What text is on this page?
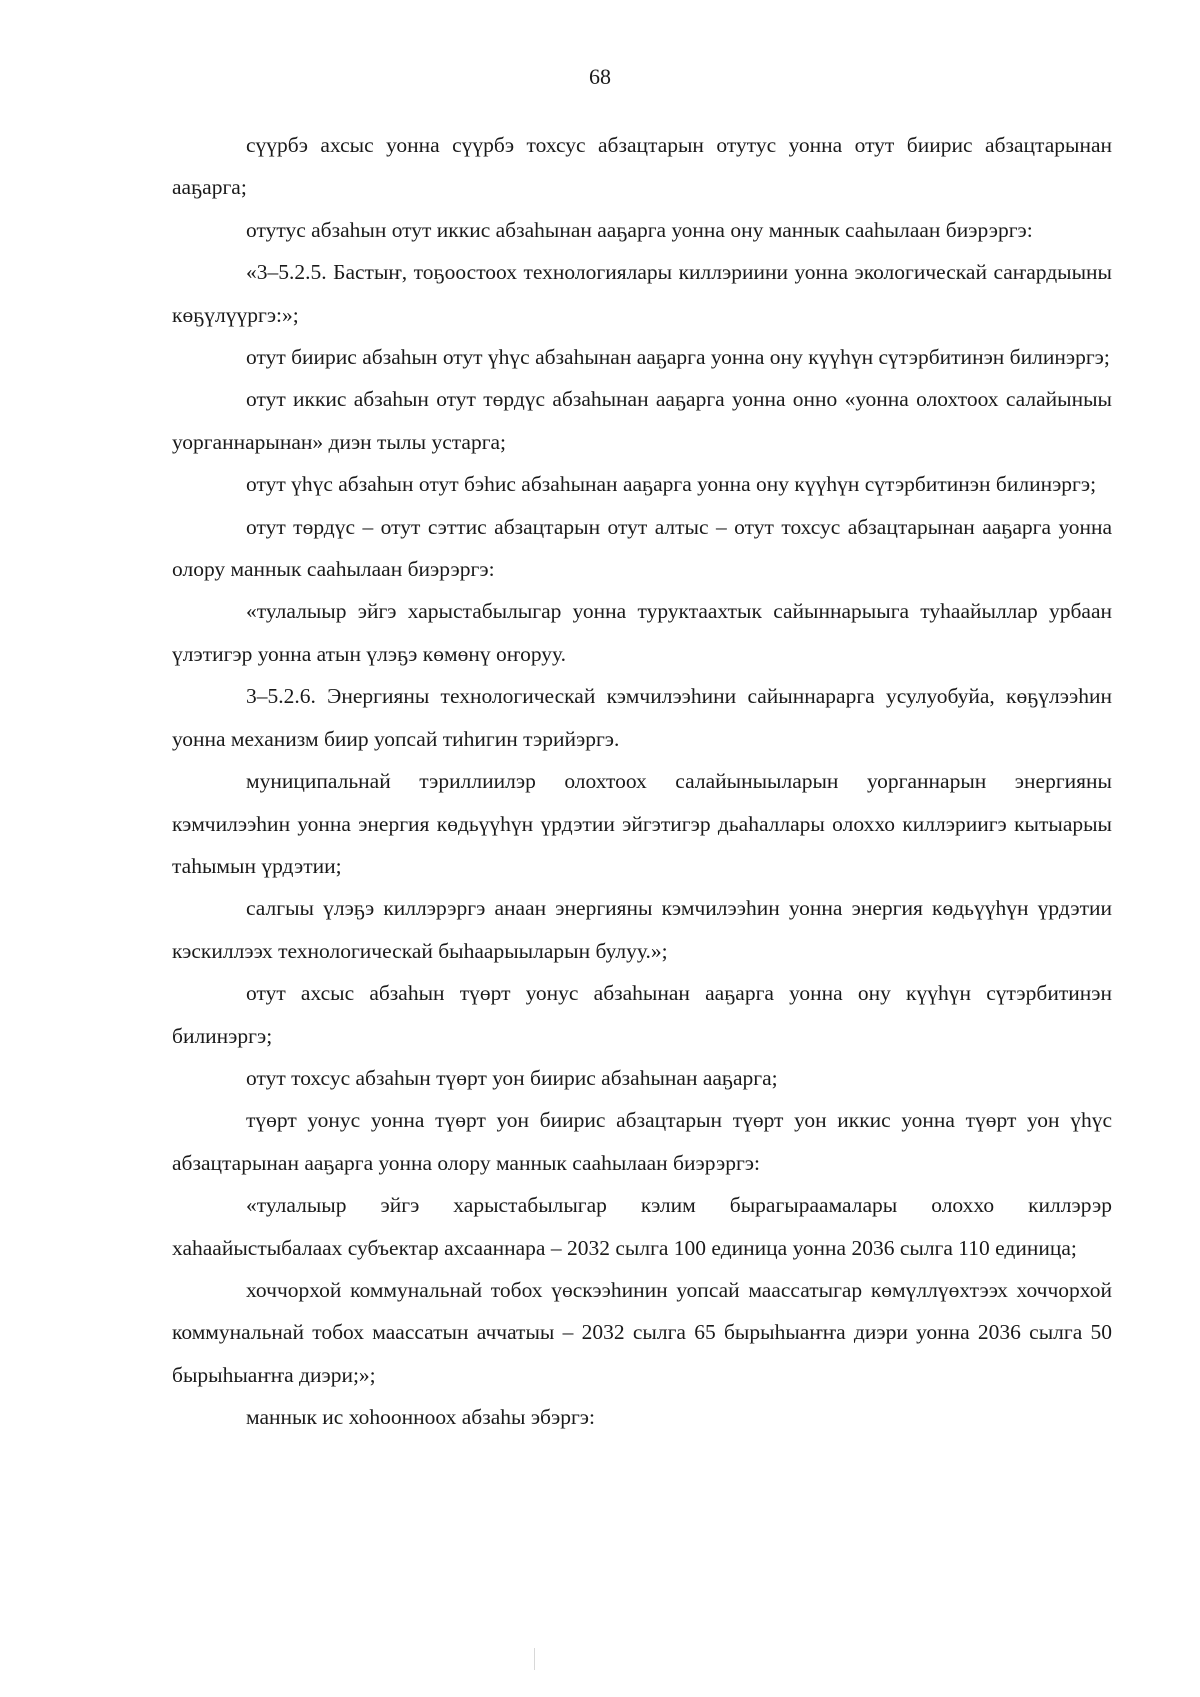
68

сүүрбэ ахсыс уонна сүүрбэ тохсус абзацтарын отутус уонна отут биирис абзацтарынан ааҕарга;

отутус абзаһын отут иккис абзаһынан ааҕарга уонна ону маннык сааһылаан биэрэргэ:

«3–5.2.5. Бастыҥ, тоҕоостоох технологиялары киллэриини уонна экологическай саҥардыыны көҕүлүүргэ:»;

отут биирис абзаһын отут үһүс абзаһынан ааҕарга уонна ону күүһүн сүтэрбитинэн билинэргэ;

отут иккис абзаһын отут төрдүс абзаһынан ааҕарга уонна онно «уонна олохтоох салайыныы уорганнарынан» диэн тылы устарга;

отут үһүс абзаһын отут бэһис абзаһынан ааҕарга уонна ону күүһүн сүтэрбитинэн билинэргэ;

отут төрдүс – отут сэттис абзацтарын отут алтыс – отут тохсус абзацтарынан ааҕарга уонна олору маннык сааһылаан биэрэргэ:

«тулалыыр эйгэ харыстабылыгар уонна туруктаахтык сайыннарыыга туһаайыллар урбаан үлэтигэр уонна атын үлэҕэ көмөнү оҥоруу.

3–5.2.6. Энергияны технологическай кэмчилээһини сайыннарарга усулуобуйа, көҕүлээһин уонна механизм биир уопсай тиһигин тэрийэргэ.

муниципальнай тэриллиилэр олохтоох салайыныыларын уорганнарын энергияны кэмчилээһин уонна энергия көдьүүһүн үрдэтии эйгэтигэр дьаһаллары олоххо киллэриигэ кытыарыы таһымын үрдэтии;

салгыы үлэҕэ киллэрэргэ анаан энергияны кэмчилээһин уонна энергия көдьүүһүн үрдэтии кэскиллээх технологическай быһаарыыларын булуу.»;

отут ахсыс абзаһын түөрт уонус абзаһынан ааҕарга уонна ону күүһүн сүтэрбитинэн билинэргэ;

отут тохсус абзаһын түөрт уон биирис абзаһынан ааҕарга;

түөрт уонус уонна түөрт уон биирис абзацтарын түөрт уон иккис уонна түөрт уон үһүс абзацтарынан ааҕарга уонна олору маннык сааһылаан биэрэргэ:

«тулалыыр эйгэ харыстабылыгар кэлим бырагыраамалары олоххо киллэрэр хаһаайыстыбалаах субъектар ахсааннара – 2032 сылга 100 единица уонна 2036 сылга 110 единица;

хоччорхой коммунальнай тобох үөскээһинин уопсай маассатыгар көмүллүөхтээх хоччорхой коммунальнай тобох маассатын аччатыы – 2032 сылга 65 бырыһыаҥҥа диэри уонна 2036 сылга 50 бырыһыаҥҥа диэри;»;

маннык ис хоһоонноох абзаһы эбэргэ:
